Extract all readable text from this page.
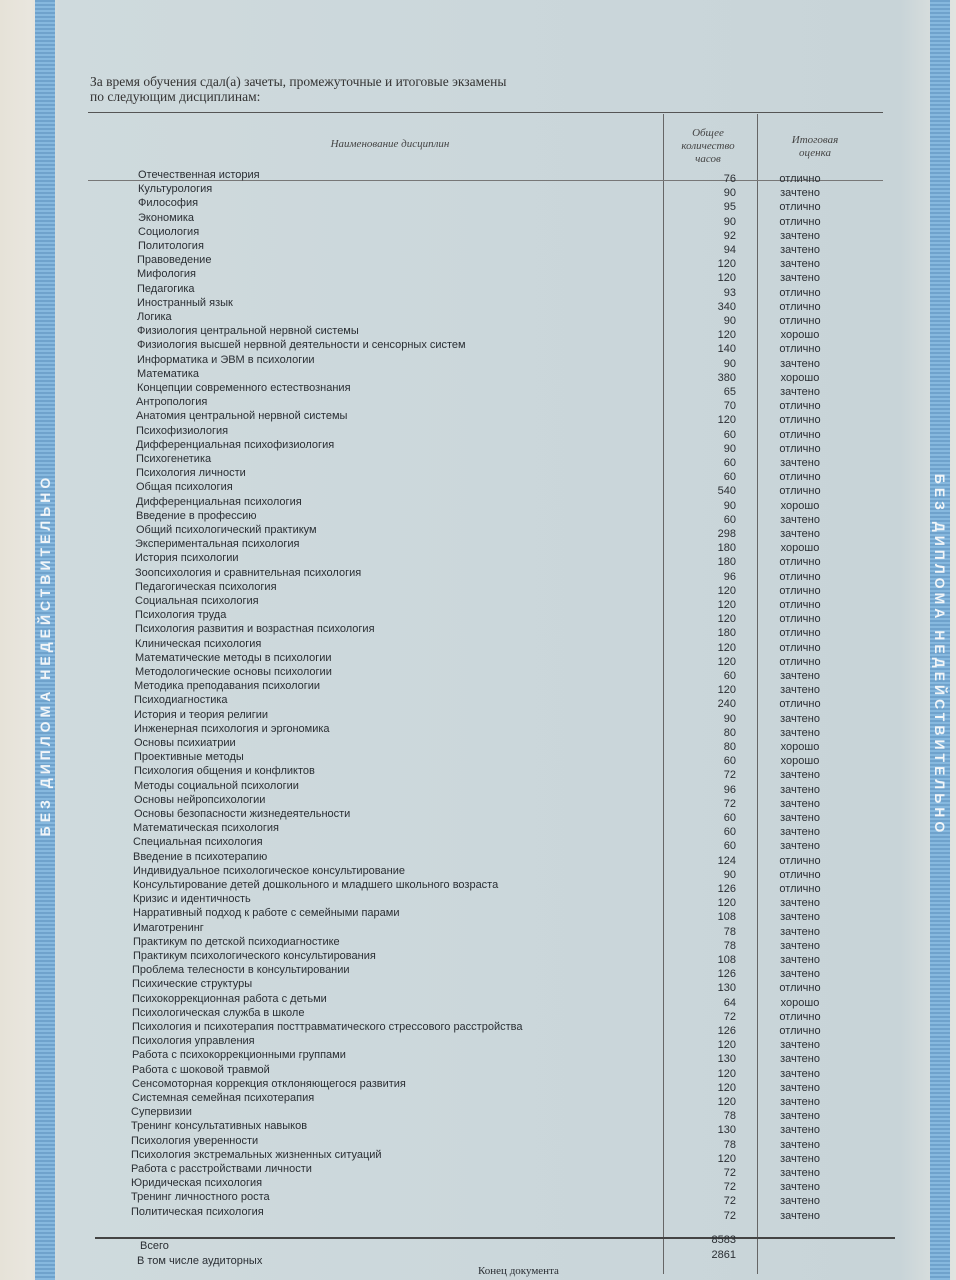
БЕЗ ДИПЛОМА НЕДЕЙСТВИТЕЛЬНО	БЕЗ ДИПЛОМА НЕДЕЙСТВИТЕЛЬНО
За время обучения сдал(а) зачеты, промежуточные и итоговые экзамены
по следующим дисциплинам:
Наименование дисциплин
Общее количество часов
Итоговая оценка
Отечественная история	76	отлично
Культурология	90	зачтено
Философия	95	отлично
Экономика	90	отлично
Социология	92	зачтено
Политология	94	зачтено
Правоведение	120	зачтено
Мифология	120	зачтено
Педагогика	93	отлично
Иностранный язык	340	отлично
Логика	90	отлично
Физиология центральной нервной системы	120	хорошо
Физиология высшей нервной деятельности и сенсорных систем	140	отлично
Информатика и ЭВМ в психологии	90	зачтено
Математика	380	хорошо
Концепции современного естествознания	65	зачтено
Антропология	70	отлично
Анатомия центральной нервной системы	120	отлично
Психофизиология	60	отлично
Дифференциальная психофизиология	90	отлично
Психогенетика	60	зачтено
Психология личности	60	отлично
Общая психология	540	отлично
Дифференциальная психология	90	хорошо
Введение в профессию	60	зачтено
Общий психологический практикум	298	зачтено
Экспериментальная психология	180	хорошо
История психологии	180	отлично
Зоопсихология и сравнительная психология	96	отлично
Педагогическая психология	120	отлично
Социальная психология	120	отлично
Психология труда	120	отлично
Психология развития и возрастная психология	180	отлично
Клиническая психология	120	отлично
Математические методы в психологии	120	отлично
Методологические основы психологии	60	зачтено
Методика преподавания психологии	120	зачтено
Психодиагностика	240	отлично
История и теория религии	90	зачтено
Инженерная психология и эргономика	80	зачтено
Основы психиатрии	80	хорошо
Проективные методы	60	хорошо
Психология общения и конфликтов	72	зачтено
Методы социальной психологии	96	зачтено
Основы нейропсихологии	72	зачтено
Основы безопасности жизнедеятельности	60	зачтено
Математическая психология	60	зачтено
Специальная психология	60	зачтено
Введение в психотерапию	124	отлично
Индивидуальное психологическое консультирование	90	отлично
Консультирование детей дошкольного и младшего школьного возраста	126	отлично
Кризис и идентичность	120	зачтено
Нарративный подход к работе с семейными парами	108	зачтено
Имаготренинг	78	зачтено
Практикум по детской психодиагностике	78	зачтено
Практикум психологического консультирования	108	зачтено
Проблема телесности в консультировании	126	зачтено
Психические структуры	130	отлично
Психокоррекционная работа с детьми	64	хорошо
Психологическая служба в школе	72	отлично
Психология и психотерапия посттравматического стрессового расстройства	126	отлично
Психология управления	120	зачтено
Работа с психокоррекционными группами	130	зачтено
Работа с шоковой травмой	120	зачтено
Сенсомоторная коррекция отклоняющегося развития	120	зачтено
Системная семейная психотерапия	120	зачтено
Супервизии	78	зачтено
Тренинг консультативных навыков	130	зачтено
Психология уверенности	78	зачтено
Психология экстремальных жизненных ситуаций	120	зачтено
Работа с расстройствами личности	72	зачтено
Юридическая психология	72	зачтено
Тренинг личностного роста	72	зачтено
Политическая психология	72	зачтено
Всего	8583
В том числе аудиторных	2861
Конец документа
